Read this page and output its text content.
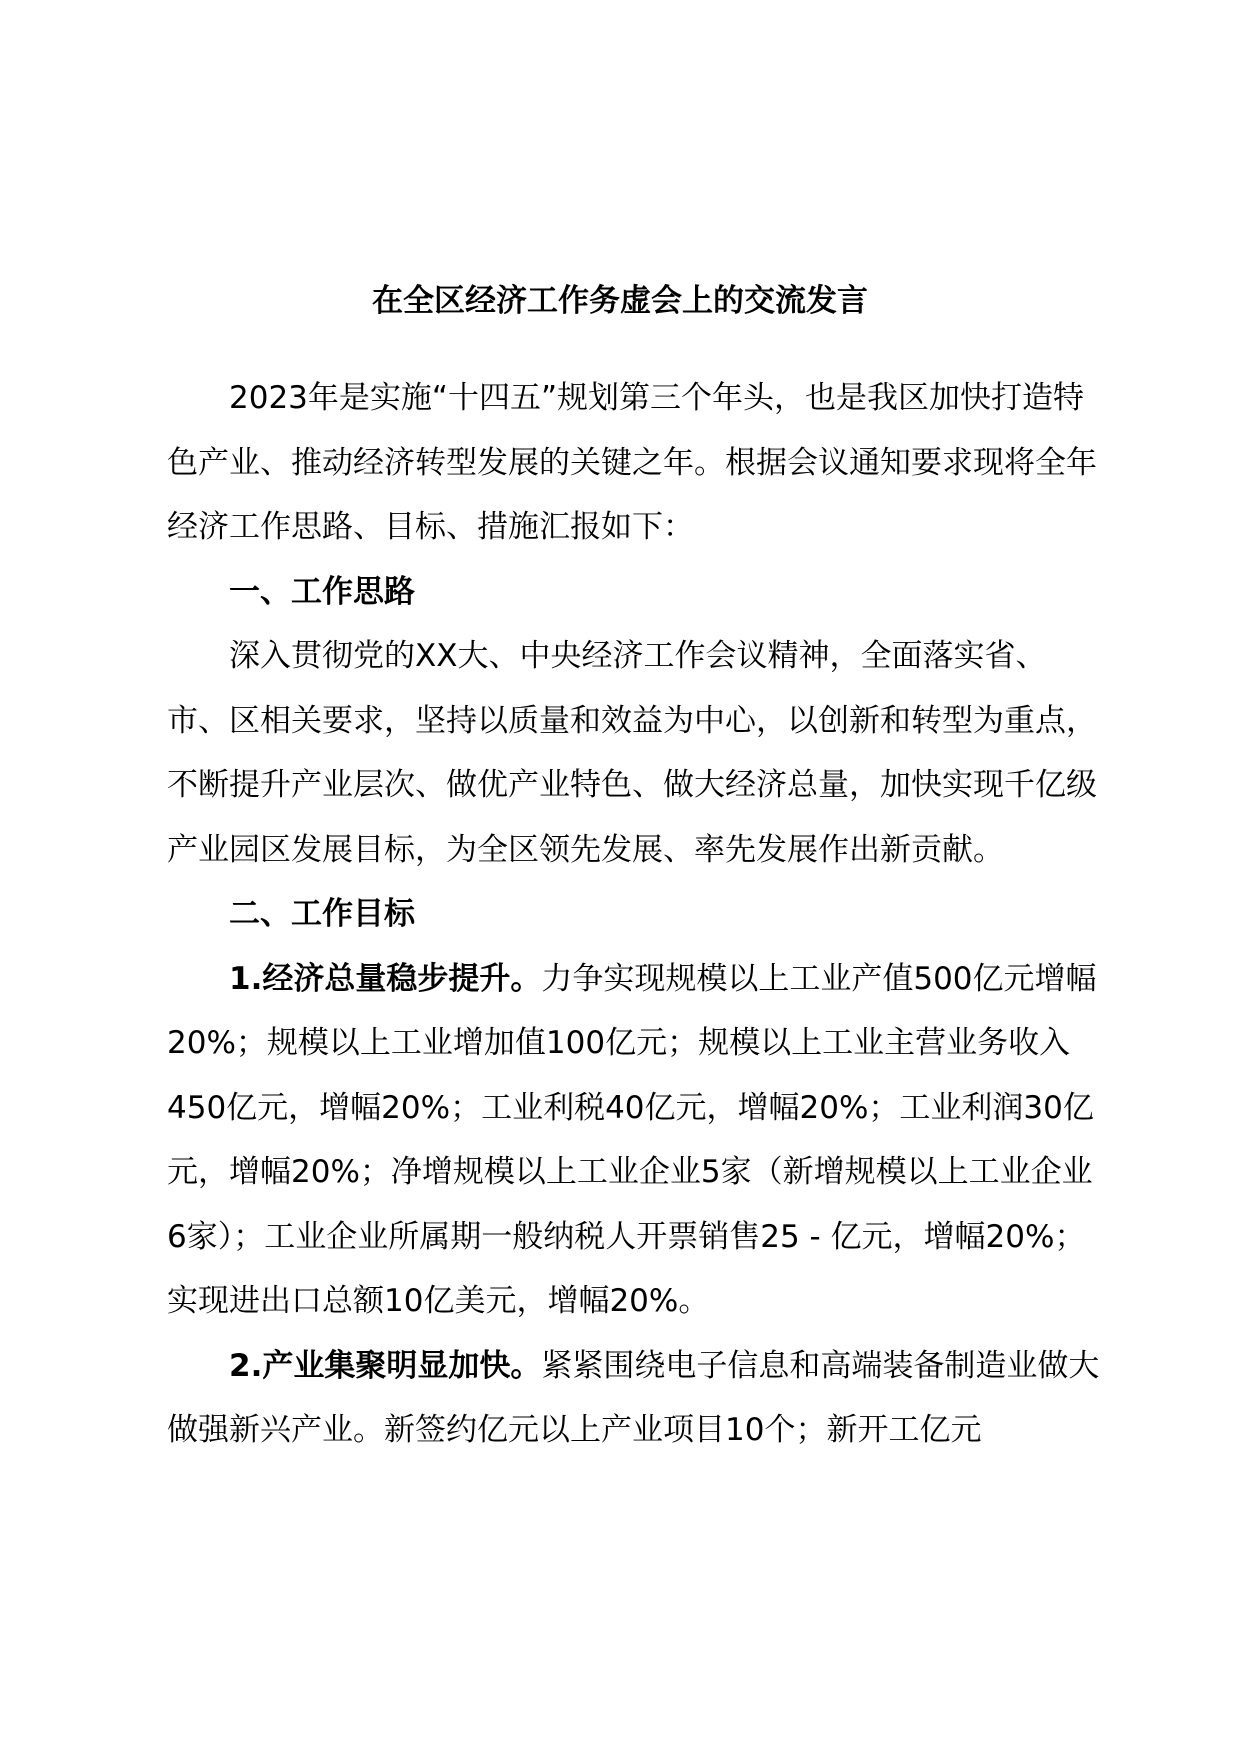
在全区经济工作务虚会上的交流发言

2023年是实施“十四五”规划第三个年头，也是我区加快打造特色产业、推动经济转型发展的关键之年。根据会议通知要求现将全年经济工作思路、目标、措施汇报如下：

一、工作思路

深入贯彻党的XX大、中央经济工作会议精神，全面落实省、市、区相关要求，坚持以质量和效益为中心，以创新和转型为重点，不断提升产业层次、做优产业特色、做大经济总量，加快实现千亿级产业园区发展目标，为全区领先发展、率先发展作出新贡献。

二、工作目标

1.经济总量稳步提升。力争实现规模以上工业产值500亿元增幅20%；规模以上工业增加值100亿元；规模以上工业主营业务收入450亿元，增幅20%；工业利税40亿元，增幅20%；工业利润30亿元，增幅20%；净增规模以上工业企业5家（新增规模以上工业企业6家）；工业企业所属期一般纳税人开票销售25 - 亿元，增幅20%；实现进出口总额10亿美元，增幅20%。

2.产业集聚明显加快。紧紧围绕电子信息和高端装备制造业做大做强新兴产业。新签约亿元以上产业项目10个；新开工亿元
